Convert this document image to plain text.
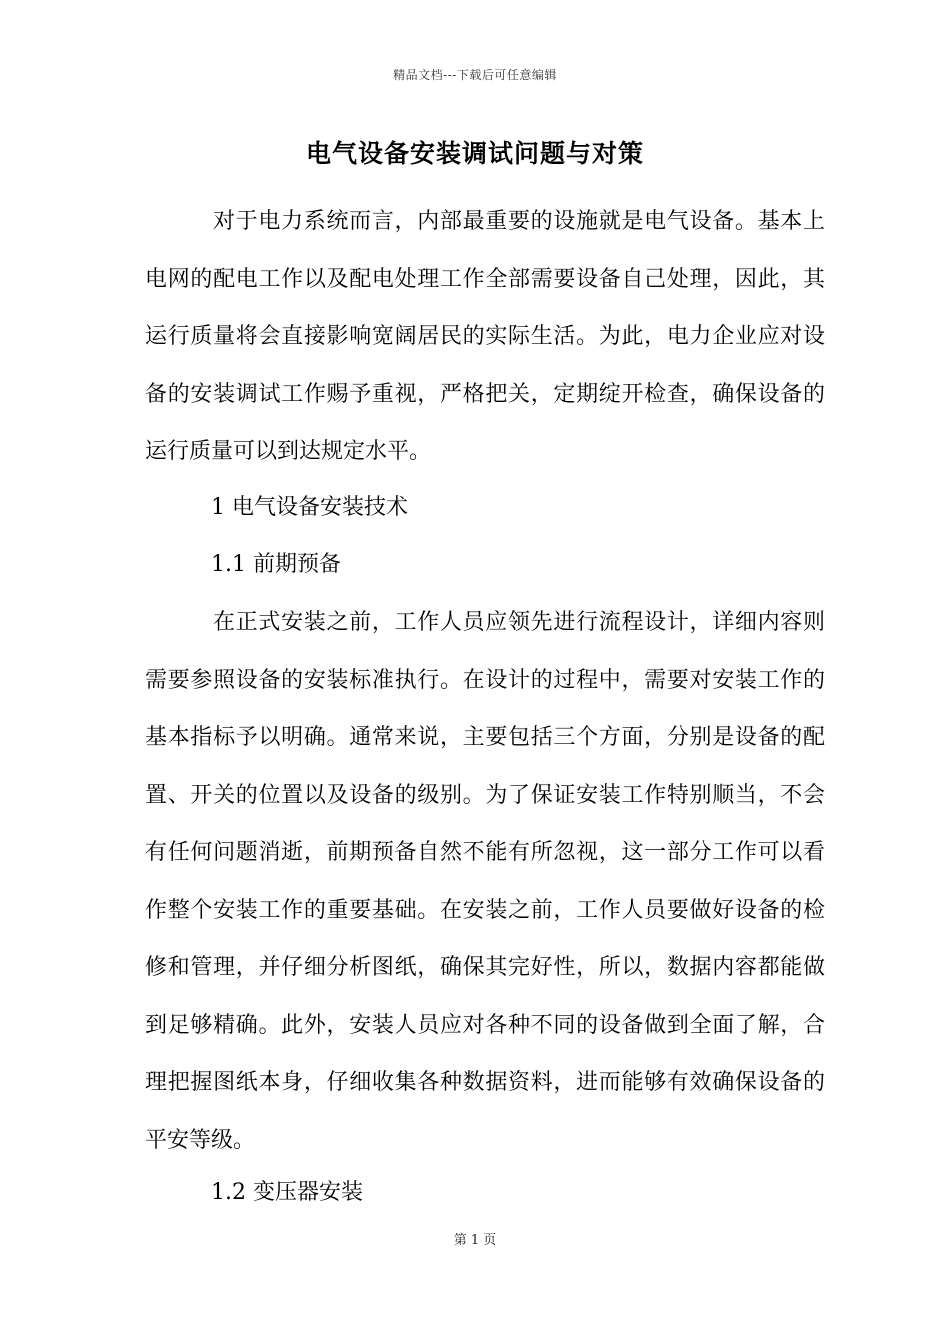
精品文档---下载后可任意编辑
电气设备安装调试问题与对策

对于电力系统而言，内部最重要的设施就是电气设备。基本上电网的配电工作以及配电处理工作全部需要设备自己处理，因此，其运行质量将会直接影响宽阔居民的实际生活。为此，电力企业应对设备的安装调试工作赐予重视，严格把关，定期绽开检查，确保设备的运行质量可以到达规定水平。

1 电气设备安装技术
1.1 前期预备

在正式安装之前，工作人员应领先进行流程设计，详细内容则需要参照设备的安装标准执行。在设计的过程中，需要对安装工作的基本指标予以明确。通常来说，主要包括三个方面，分别是设备的配置、开关的位置以及设备的级别。为了保证安装工作特别顺当，不会有任何问题消逝，前期预备自然不能有所忽视，这一部分工作可以看作整个安装工作的重要基础。在安装之前，工作人员要做好设备的检修和管理，并仔细分析图纸，确保其完好性，所以，数据内容都能做到足够精确。此外，安装人员应对各种不同的设备做到全面了解，合理把握图纸本身，仔细收集各种数据资料，进而能够有效确保设备的平安等级。

1.2 变压器安装
第 1 页
